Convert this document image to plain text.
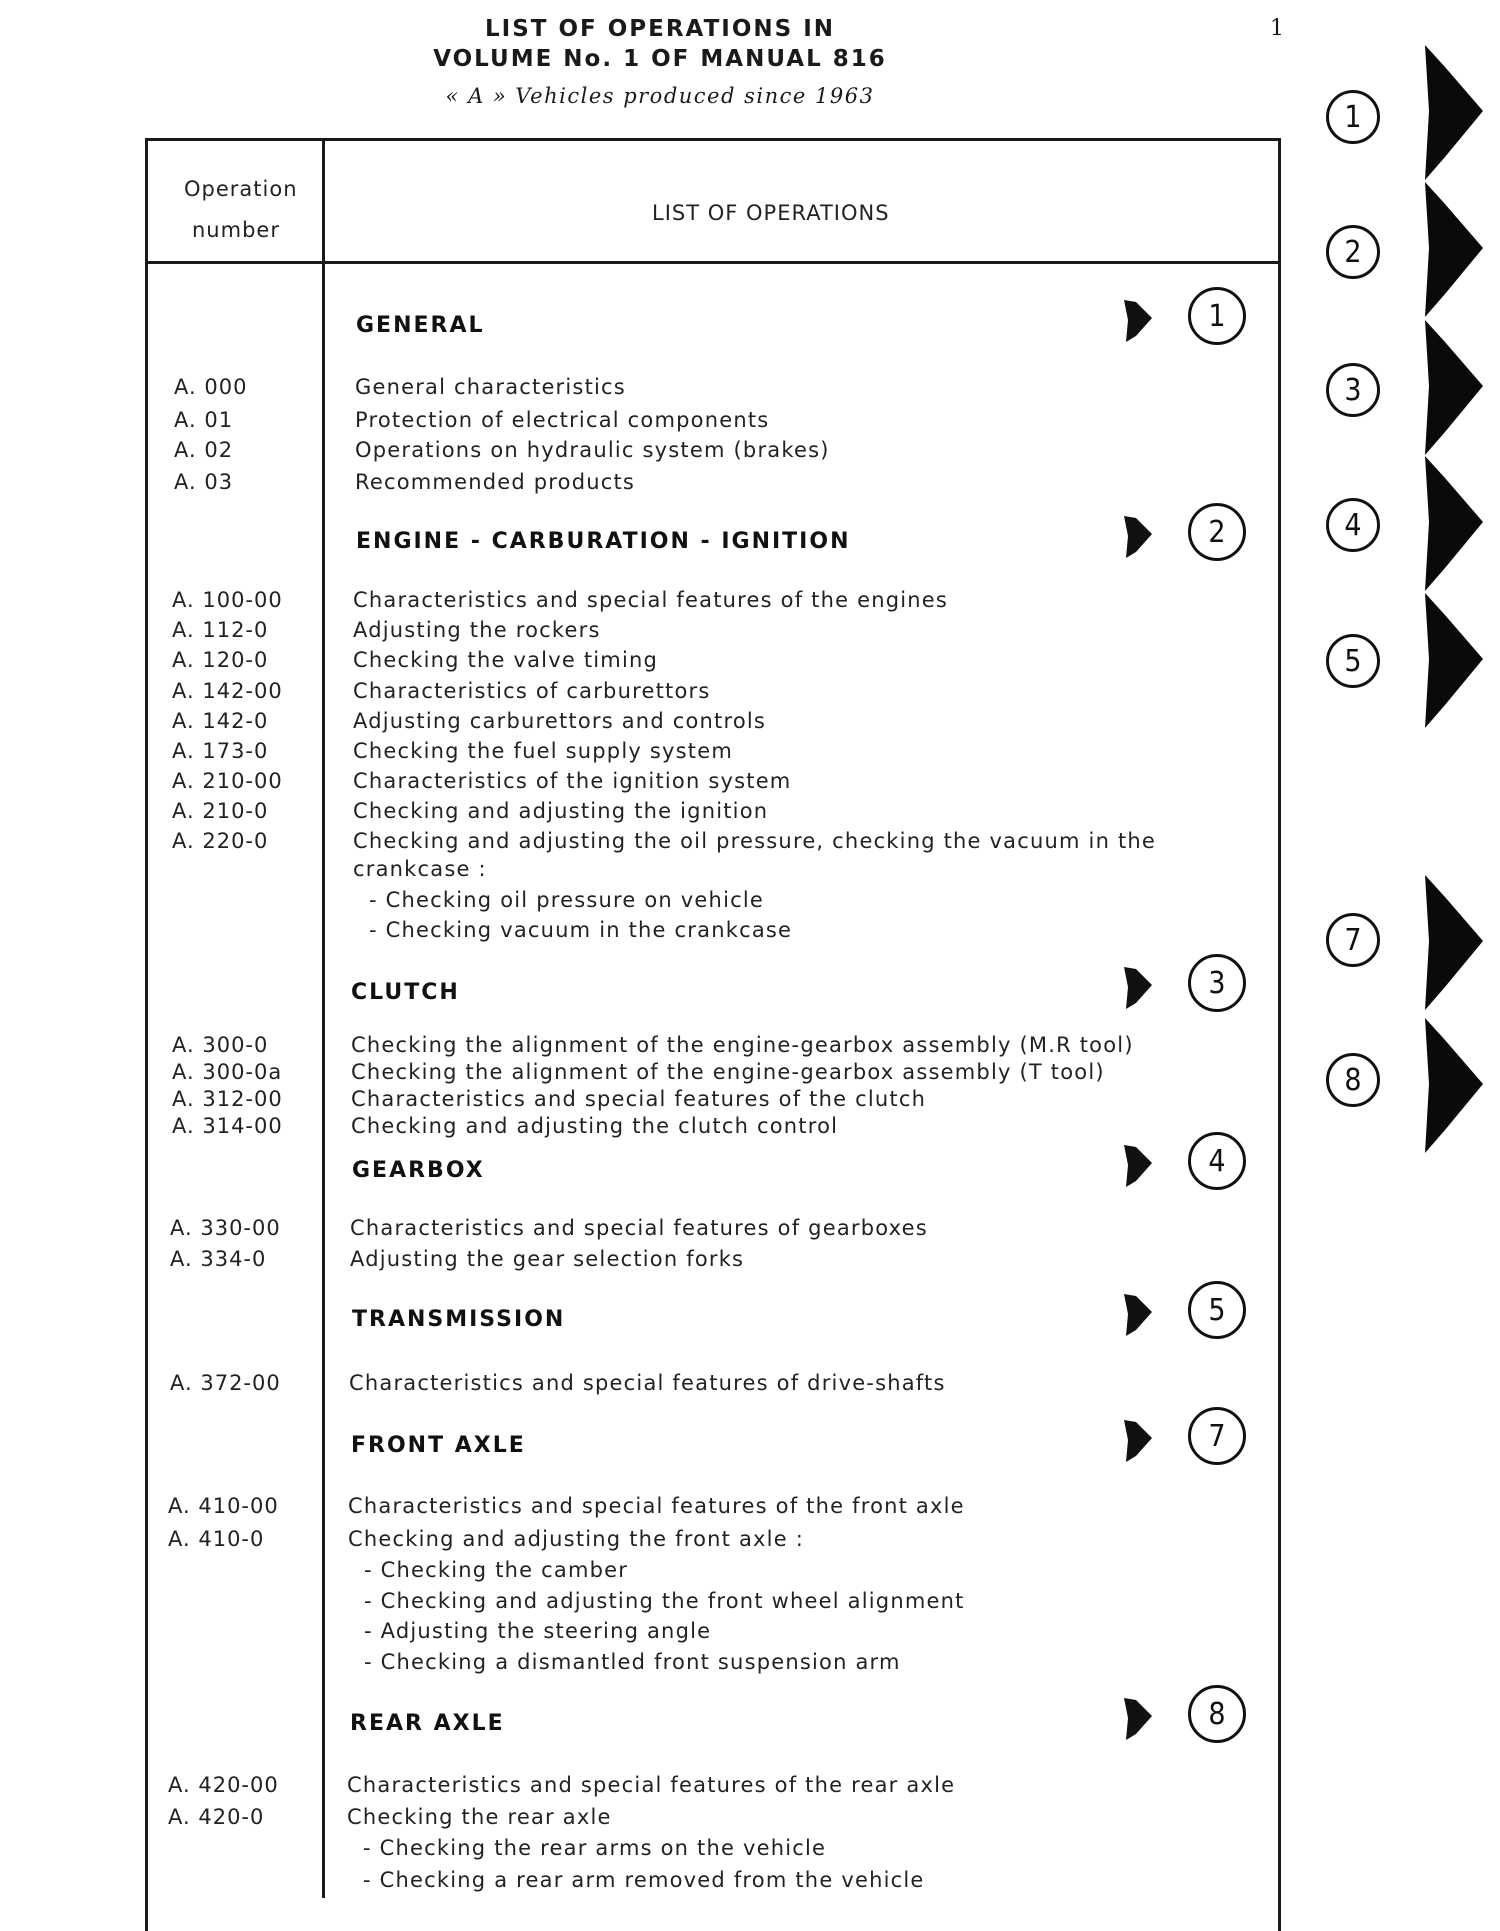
LIST OF OPERATIONS IN
VOLUME No. 1 OF MANUAL 816
« A » Vehicles produced since 1963
1
Operation
number
LIST OF OPERATIONS
GENERAL	1
A. 000	General characteristics
A. 01	Protection of electrical components
A. 02	Operations on hydraulic system (brakes)
A. 03	Recommended products
ENGINE - CARBURATION - IGNITION	2
A. 100-00	Characteristics and special features of the engines
A. 112-0	Adjusting the rockers
A. 120-0	Checking the valve timing
A. 142-00	Characteristics of carburettors
A. 142-0	Adjusting carburettors and controls
A. 173-0	Checking the fuel supply system
A. 210-00	Characteristics of the ignition system
A. 210-0	Checking and adjusting the ignition
A. 220-0	Checking and adjusting the oil pressure, checking the vacuum in the
crankcase :
- Checking oil pressure on vehicle
- Checking vacuum in the crankcase
CLUTCH	3
A. 300-0	Checking the alignment of the engine-gearbox assembly (M.R tool)
A. 300-0a	Checking the alignment of the engine-gearbox assembly (T tool)
A. 312-00	Characteristics and special features of the clutch
A. 314-00	Checking and adjusting the clutch control
GEARBOX	4
A. 330-00	Characteristics and special features of gearboxes
A. 334-0	Adjusting the gear selection forks
TRANSMISSION	5
A. 372-00	Characteristics and special features of drive-shafts
FRONT AXLE	7
A. 410-00	Characteristics and special features of the front axle
A. 410-0	Checking and adjusting the front axle :
- Checking the camber
- Checking and adjusting the front wheel alignment
- Adjusting the steering angle
- Checking a dismantled front suspension arm
REAR AXLE	8
A. 420-00	Characteristics and special features of the rear axle
A. 420-0	Checking the rear axle
- Checking the rear arms on the vehicle
- Checking a rear arm removed from the vehicle
1
2
3
4
5
7
8
